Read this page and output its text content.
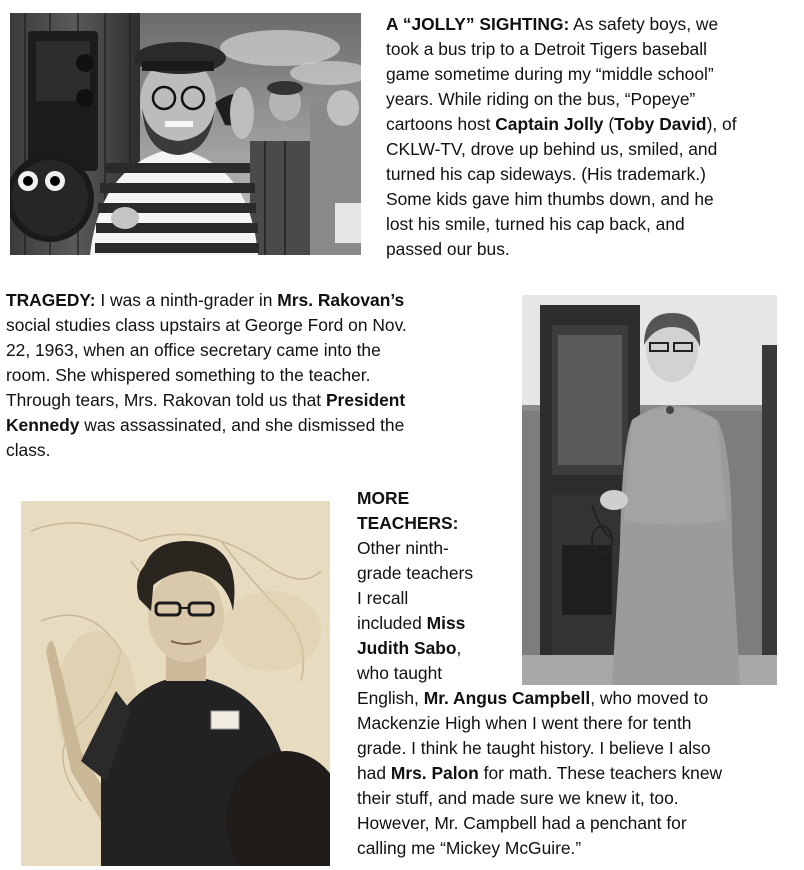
A “JOLLY” SIGHTING: As safety boys, we
took a bus trip to a Detroit Tigers baseball
game sometime during my “middle school”
years. While riding on the bus, “Popeye”
cartoons host Captain Jolly (Toby David), of
CKLW-TV, drove up behind us, smiled, and
turned his cap sideways. (His trademark.)
Some kids gave him thumbs down, and he
lost his smile, turned his cap back, and
passed our bus.
TRAGEDY: I was a ninth-grader in Mrs. Rakovan’s
social studies class upstairs at George Ford on Nov.
22, 1963, when an office secretary came into the
room. She whispered something to the teacher.
Through tears, Mrs. Rakovan told us that President
Kennedy was assassinated, and she dismissed the
class.
MORE
TEACHERS:
Other ninth-
grade teachers
I recall
included Miss
Judith Sabo,
who taught
English, Mr. Angus Campbell, who moved to
Mackenzie High when I went there for tenth
grade. I think he taught history. I believe I also
had Mrs. Palon for math. These teachers knew
their stuff, and made sure we knew it, too.
However, Mr. Campbell had a penchant for
calling me “Mickey McGuire.”
